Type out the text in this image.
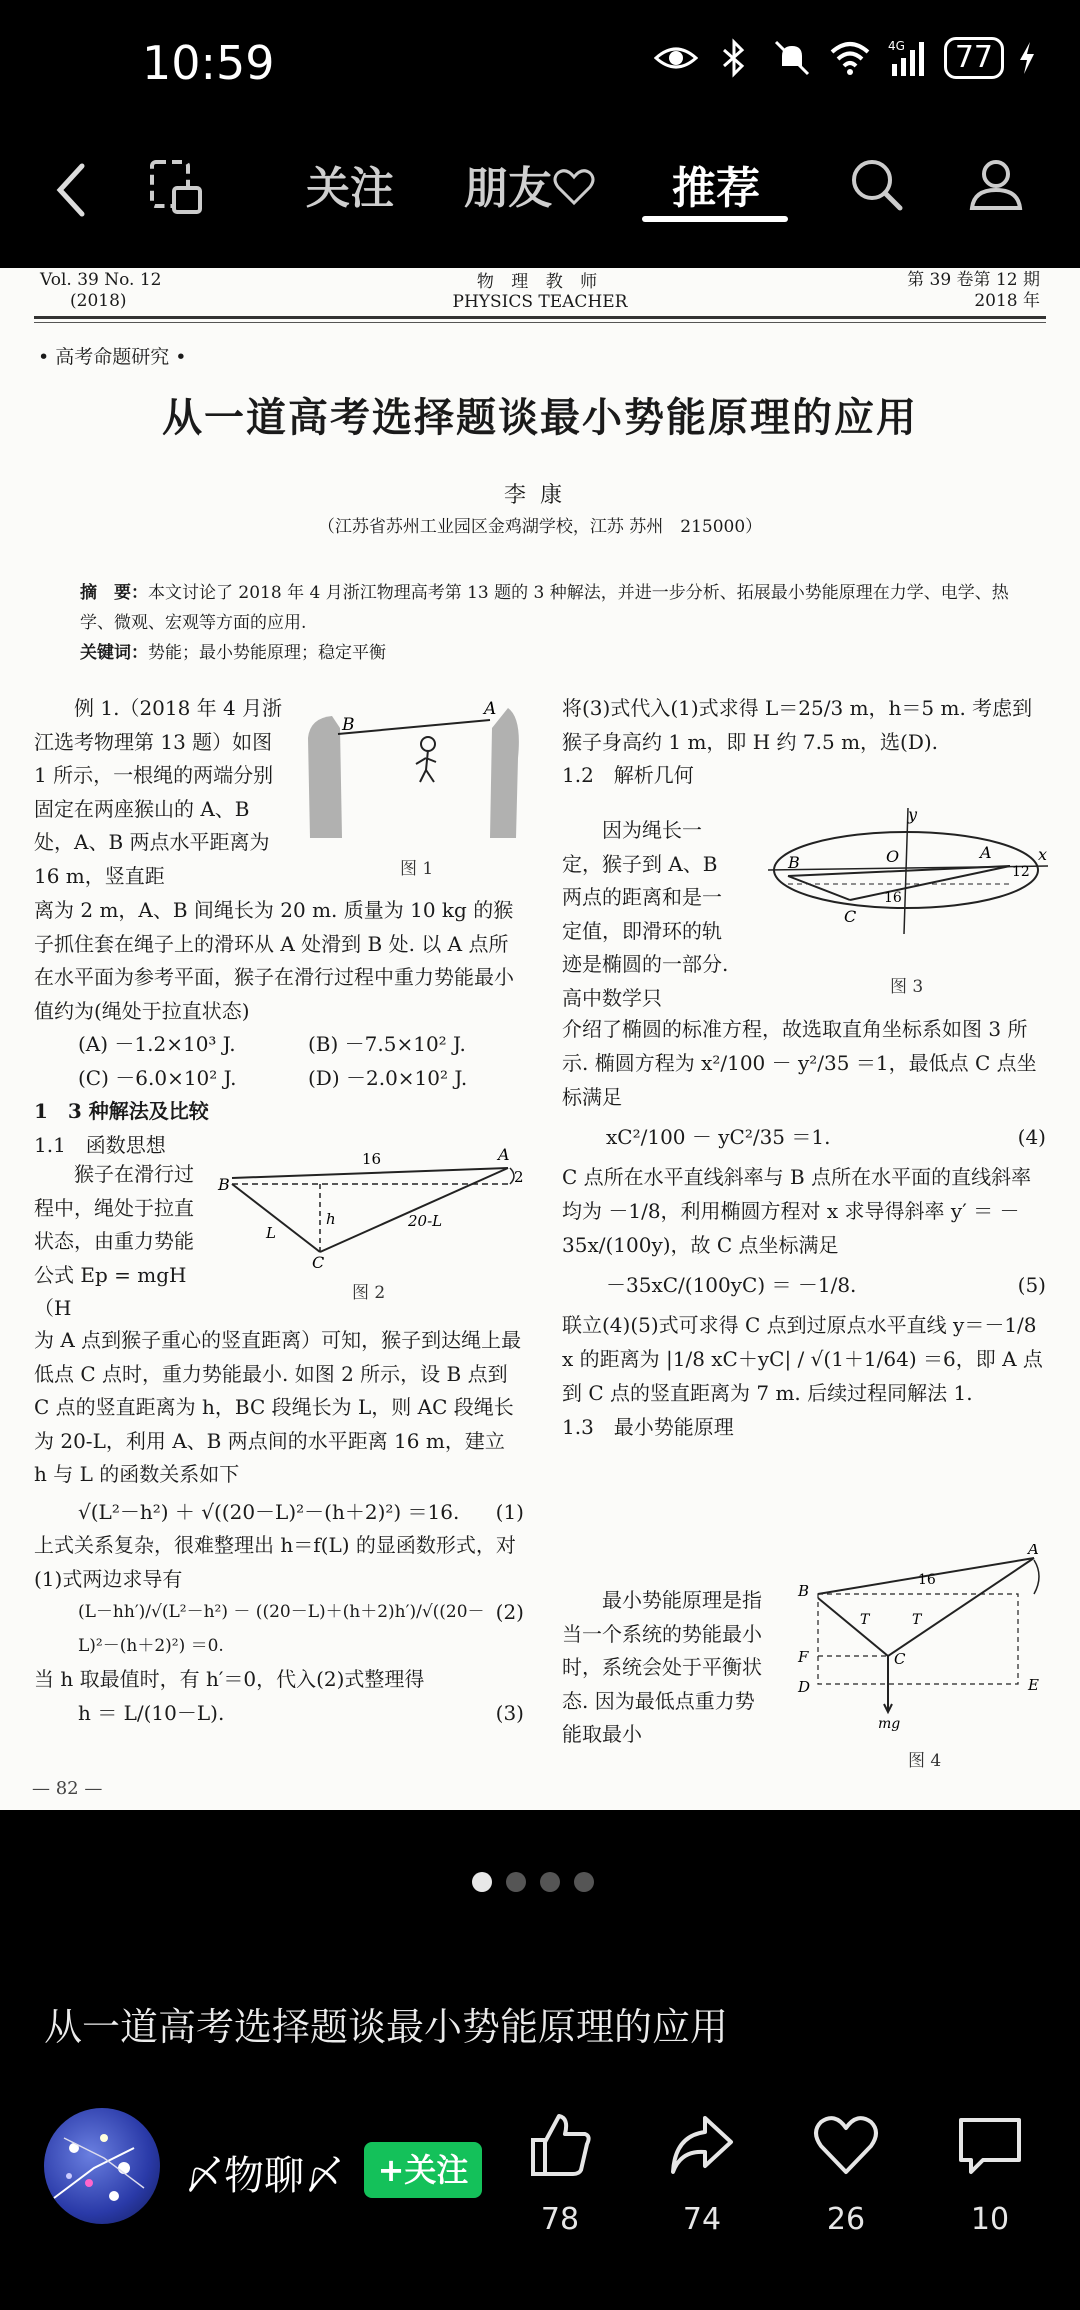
10:59	4G	77
关注 朋友	推荐
Vol. 39 No. 12
(2018)
物 理 教 师
PHYSICS TEACHER
第 39 卷第 12 期
2018 年
• 高考命题研究 •
从一道高考选择题谈最小势能原理的应用
李康
（江苏省苏州工业园区金鸡湖学校，江苏 苏州　215000）
摘　要：本文讨论了 2018 年 4 月浙江物理高考第 13 题的 3 种解法，并进一步分析、拓展最小势能原理在力学、电学、热学、微观、宏观等方面的应用.
关键词：势能；最小势能原理；稳定平衡

例 1.（2018 年 4 月浙江选考物理第 13 题）如图 1 所示，一根绳的两端分别固定在两座猴山的 A、B 处，A、B 两点水平距离为 16 m，竖直距

B
A
图 1

离为 2 m，A、B 间绳长为 20 m. 质量为 10 kg 的猴子抓住套在绳子上的滑环从 A 处滑到 B 处. 以 A 点所在水平面为参考平面，猴子在滑行过程中重力势能最小值约为(绳处于拉直状态)

(A) －1.2×10³ J.	(B) －7.5×10² J.
(C) －6.0×10² J.	(D) －2.0×10² J.

1　3 种解法及比较

1.1　函数思想

猴子在滑行过程中，绳处于拉直状态，由重力势能公式 Ep = mgH（H

B
A
C
16
2
h
L
20-L
图 2

为 A 点到猴子重心的竖直距离）可知，猴子到达绳上最低点 C 点时，重力势能最小. 如图 2 所示，设 B 点到 C 点的竖直距离为 h，BC 段绳长为 L，则 AC 段绳长为 20-L，利用 A、B 两点间的水平距离 16 m，建立 h 与 L 的函数关系如下

√(L²－h²) ＋ √((20－L)²－(h＋2)²) ＝16. (1)

上式关系复杂，很难整理出 h＝f(L) 的显函数形式，对(1)式两边求导有

(L－hh′)/√(L²－h²) － ((20－L)＋(h＋2)h′)/√((20－L)²－(h＋2)²) ＝0.
(2)

当 h 取最值时，有 h′＝0，代入(2)式整理得

h ＝ L/(10－L).	(3)

将(3)式代入(1)式求得 L＝25/3 m，h＝5 m. 考虑到猴子身高约 1 m，即 H 约 7.5 m，选(D).

1.2　解析几何

因为绳长一定，猴子到 A、B 两点的距离和是一定值，即滑环的轨迹是椭圆的一部分. 高中数学只

y
x
O
B
A
C
16
12
图 3

介绍了椭圆的标准方程，故选取直角坐标系如图 3 所示. 椭圆方程为 x²/100 － y²/35 ＝1，最低点 C 点坐标满足

xC²/100 － yC²/35 ＝1.	(4)

C 点所在水平直线斜率与 B 点所在水平面的直线斜率均为 －1/8，利用椭圆方程对 x 求导得斜率 y′ ＝ －35x/(100y)，故 C 点坐标满足

－35xC/(100yC) ＝ －1/8.	(5)

联立(4)(5)式可求得 C 点到过原点水平直线 y＝－1/8 x 的距离为 |1/8 xC＋yC| / √(1＋1/64) ＝6，即 A 点到 C 点的竖直距离为 7 m. 后续过程同解法 1.

1.3　最小势能原理

最小势能原理是指当一个系统的势能最小时，系统会处于平衡状态. 因为最低点重力势能取最小

B
A
C
D	E
F
16
T	T
mg
图 4
— 82 —
从一道高考选择题谈最小势能原理的应用
〆物聊〆	+关注
78	74	26	10
